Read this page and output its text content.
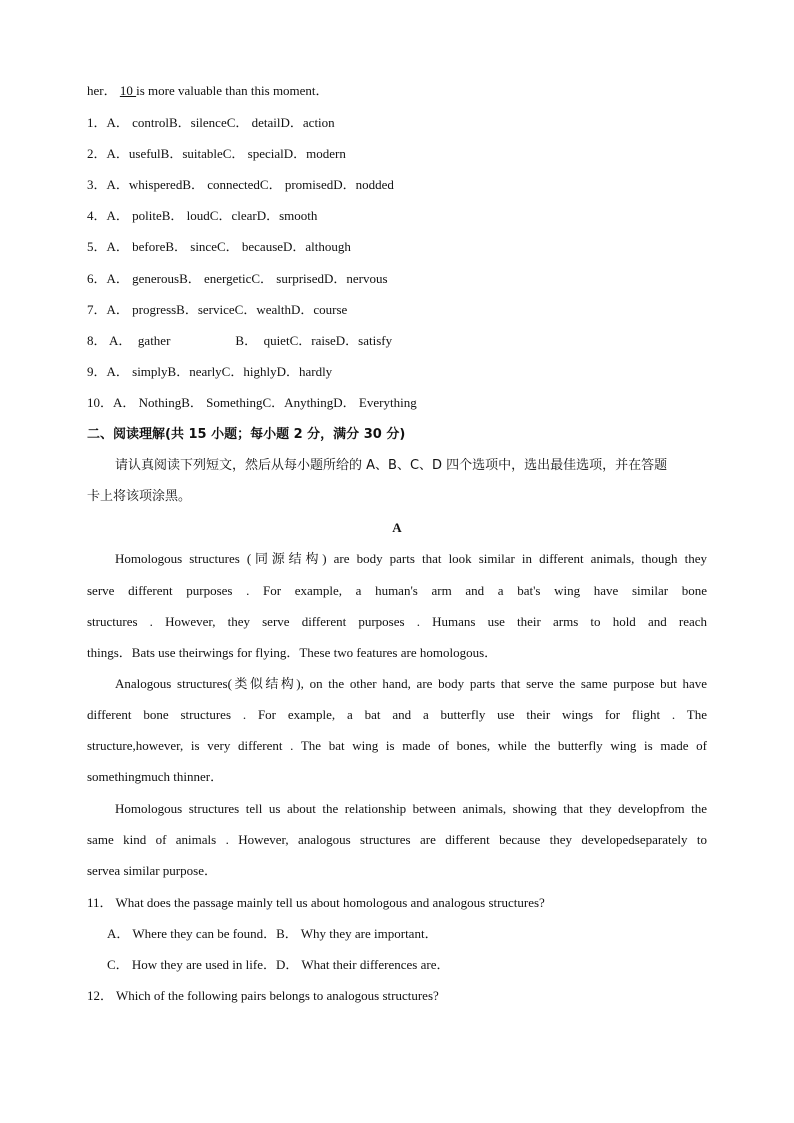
her． 10 is more valuable than this moment．
1．A． controlB．silenceC． detailD．action
2．A．usefulB．suitableC． specialD．modern
3．A．whisperedB． connectedC． promisedD．nodded
4．A． politeB． loudC．clearD．smooth
5．A． beforeB． sinceC． becauseD．although
6．A． generousB． energeticC． surprisedD．nervous
7．A． progressB．serviceC．wealthD．course
8． A．  gather                    B．  quietC．raiseD．satisfy
9．A． simplyB．nearlyC．highlyD．hardly
10．A． NothingB． SomethingC．AnythingD． Everything
二、阅读理解(共 15 小题；每小题 2 分，满分 30 分)
请认真阅读下列短文，然后从每小题所给的 A、B、C、D 四个选项中，选出最佳选项，并在答题
卡上将该项涂黑。
A
Homologous structures (同源结构) are body parts that look similar in different animals, though they
serve different purposes . For example, a human's arm and a bat's wing have similar bone
structures . However, they serve different purposes . Humans use their arms to hold and reach
things．Bats use theirwings for flying．These two features are homologous．
Analogous structures(类似结构), on the other hand, are body parts that serve the same purpose but have
different bone structures . For example, a bat and a butterfly use their wings for flight . The
structure,however, is very different . The bat wing is made of bones, while the butterfly wing is made of
somethingmuch thinner．
Homologous structures tell us about the relationship between animals, showing that they developfrom the
same kind of animals . However, analogous structures are different because they developedseparately to
servea similar purpose．
11． What does the passage mainly tell us about homologous and analogous structures?
A． Where they can be found．B． Why they are important．
C． How they are used in life．D． What their differences are．
12． Which of the following pairs belongs to analogous structures?
